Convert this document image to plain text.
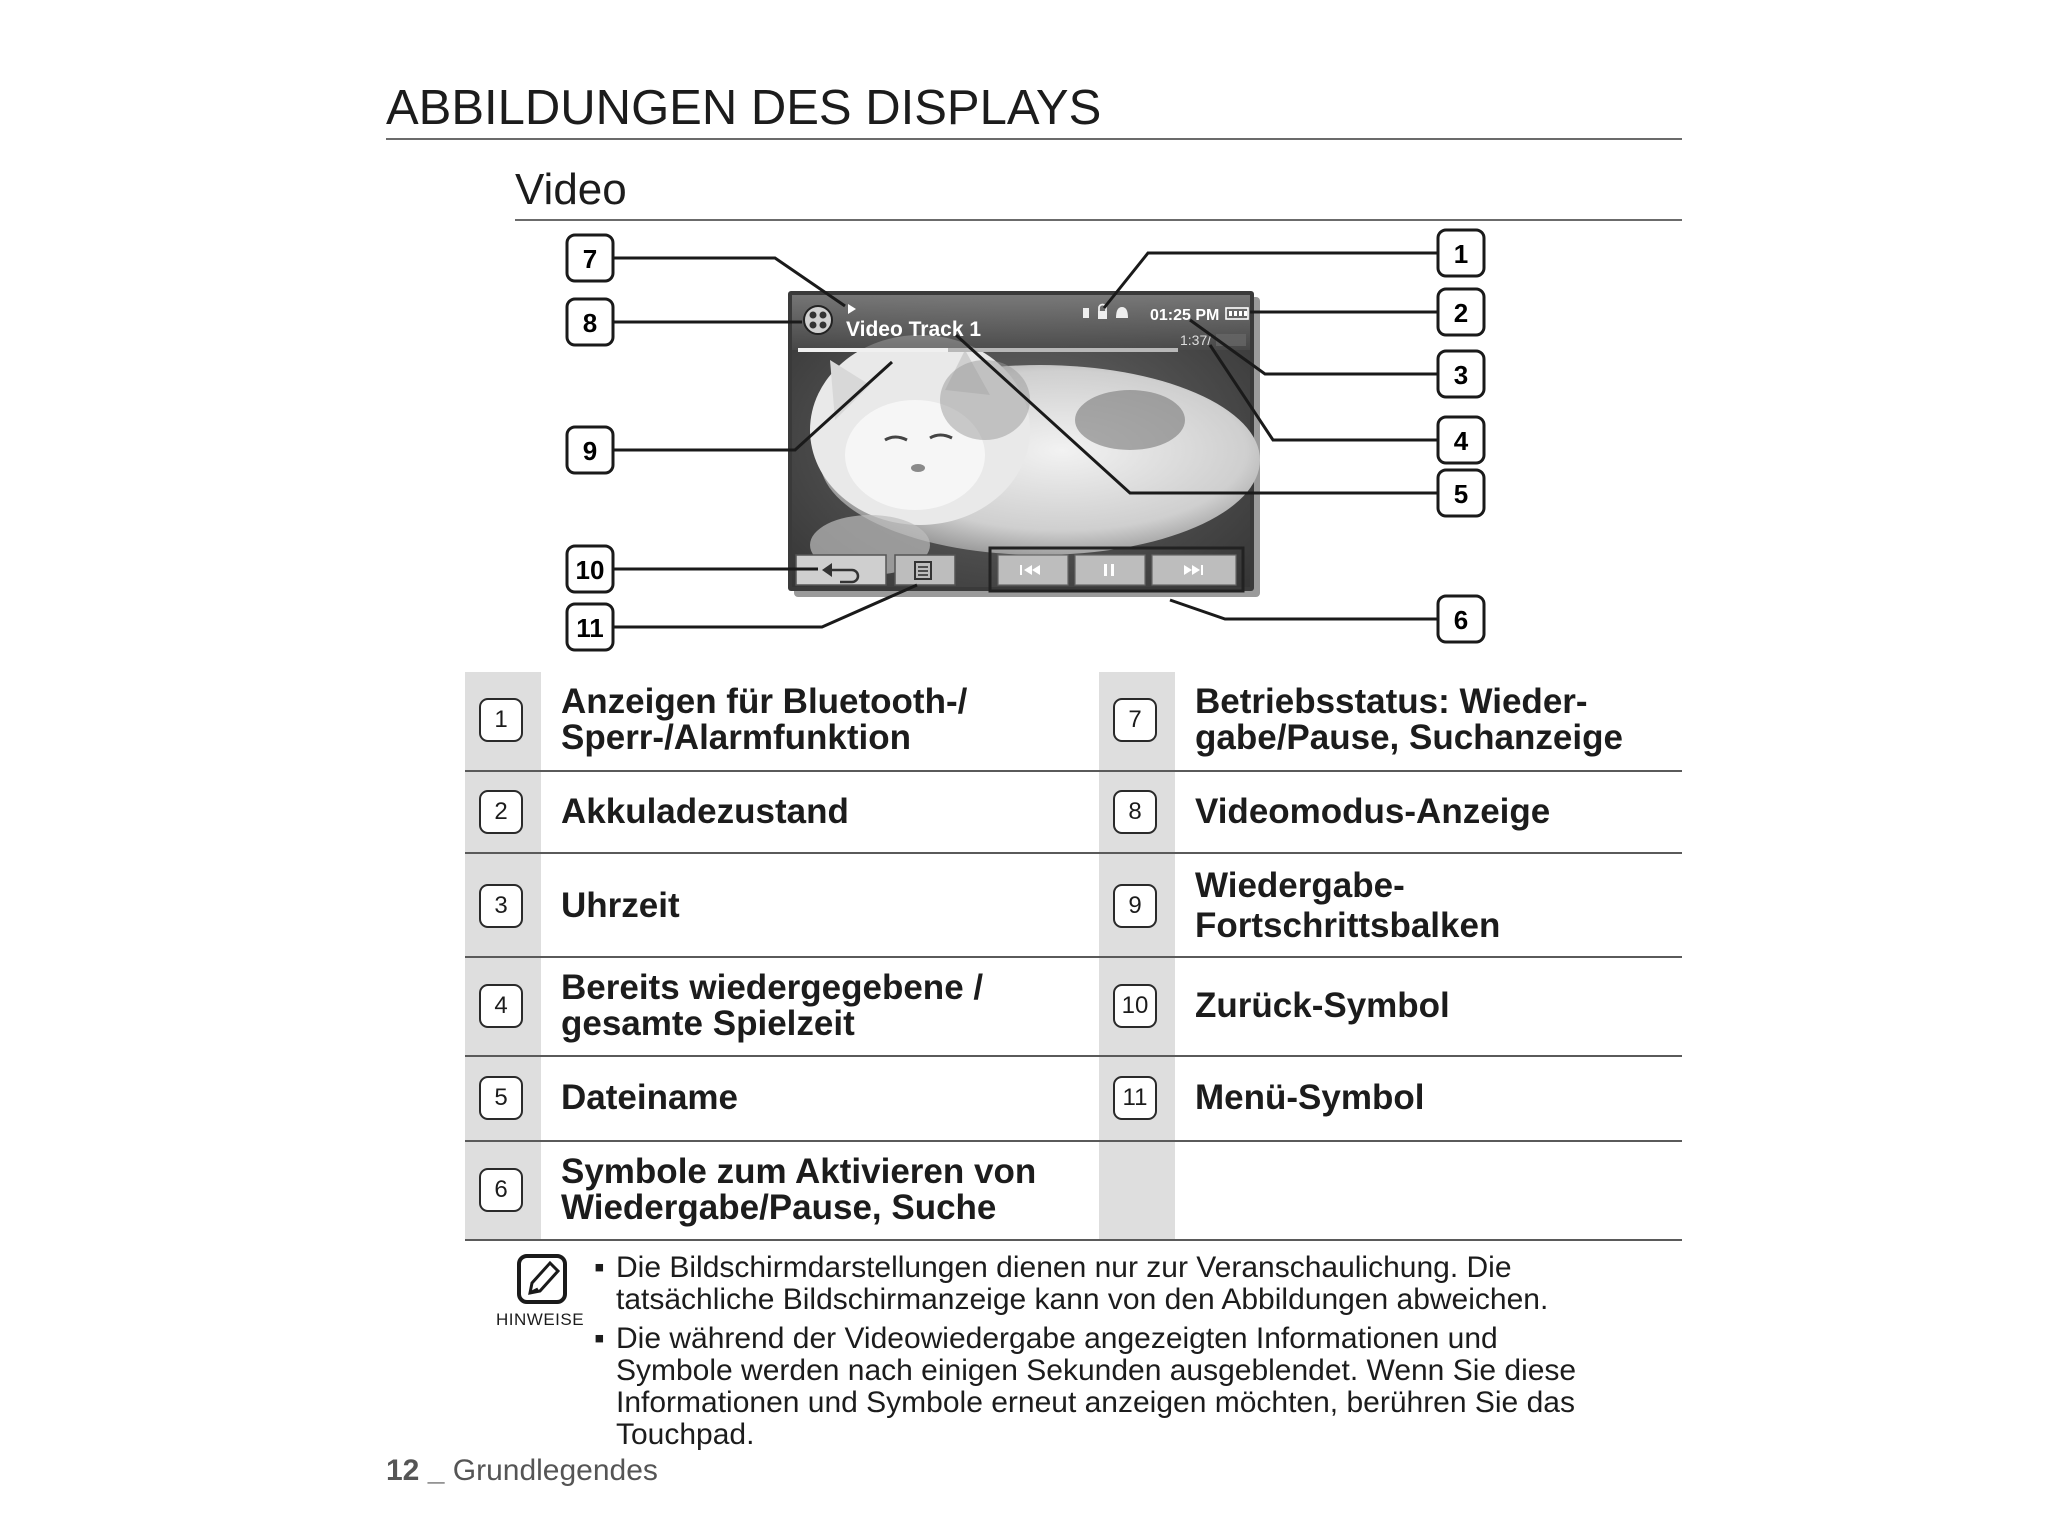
ABBILDUNGEN DES DISPLAYS
Video
Video Track 1
01:25 PM
1:37/
7
8
9
10
11
1
2
3
4
5
6
1	Anzeigen für Bluetooth-/
Sperr-/Alarmfunktion	7	Betriebsstatus: Wieder-
gabe/Pause, Suchanzeige
2	Akkuladezustand	8	Videomodus-Anzeige
3	Uhrzeit	9
Wiedergabe-
Fortschrittsbalken
4	Bereits wiedergegebene /
gesamte Spielzeit	10 Zurück-Symbol
5	Dateiname	11 Menü-Symbol
6	Symbole zum Aktivieren von
Wiedergabe/Pause, Suche
HINWEISE
▪ Die Bildschirmdarstellungen dienen nur zur Veranschaulichung. Die
tatsächliche Bildschirmanzeige kann von den Abbildungen abweichen.
▪ Die während der Videowiedergabe angezeigten Informationen und
Symbole werden nach einigen Sekunden ausgeblendet. Wenn Sie diese
Informationen und Symbole erneut anzeigen möchten, berühren Sie das
Touchpad.
12 _ Grundlegendes
